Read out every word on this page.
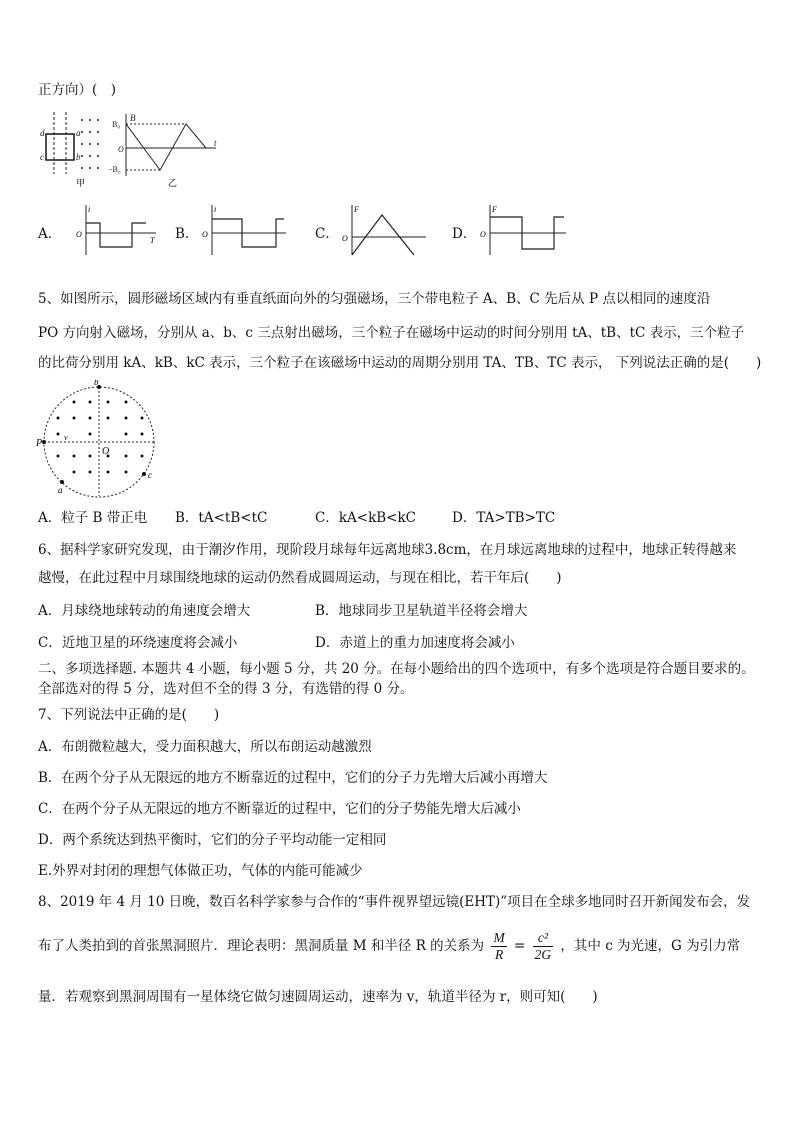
正方向）(　)
d
c
a
b
甲
B
B₀
O
−B₀
t
乙
A．
i
O
T B．
i
O	C．
F
O	D．
F
O
5、如图所示，圆形磁场区域内有垂直纸面向外的匀强磁场，三个带电粒子 A、B、C 先后从 P 点以相同的速度沿
PO 方向射入磁场，分别从 a、b、c 三点射出磁场，三个粒子在磁场中运动的时间分别用 tA、tB、tC 表示，三个粒子
的比荷分别用 kA、kB、kC 表示，三个粒子在该磁场中运动的周期分别用 TA、TB、TC 表示， 下列说法正确的是(　　)
P
b
a
c
O
v
A．粒子 B 带正电 B．tA<tB<tC	C．kA<kB<kC	D．TA>TB>TC
6、据科学家研究发现，由于潮汐作用，现阶段月球每年远离地球3.8cm，在月球远离地球的过程中，地球正转得越来
越慢，在此过程中月球围绕地球的运动仍然看成圆周运动，与现在相比，若干年后(　　)
A．月球绕地球转动的角速度会增大	B．地球同步卫星轨道半径将会增大
C．近地卫星的环绕速度将会减小	D．赤道上的重力加速度将会减小
二、多项选择题. 本题共 4 小题，每小题 5 分，共 20 分。在每小题给出的四个选项中，有多个选项是符合题目要求的。
全部选对的得 5 分，选对但不全的得 3 分，有选错的得 0 分。
7、下列说法中正确的是(　　)
A．布朗微粒越大，受力面积越大，所以布朗运动越激烈
B．在两个分子从无限远的地方不断靠近的过程中，它们的分子力先增大后减小再增大
C．在两个分子从无限远的地方不断靠近的过程中，它们的分子势能先增大后减小
D．两个系统达到热平衡时，它们的分子平均动能一定相同
E.外界对封闭的理想气体做正功，气体的内能可能减少
8、2019 年 4 月 10 日晚，数百名科学家参与合作的“事件视界望远镜(EHT)”项目在全球多地同时召开新闻发布会，发
布了人类拍到的首张黑洞照片．理论表明：黑洞质量 M 和半径 R 的关系为 $\frac{M}{R} = \frac{\text{c²}}{2G}$ ，其中 c 为光速，G 为引力常
量．若观察到黑洞周围有一星体绕它做匀速圆周运动，速率为 v，轨道半径为 r，则可知(　　)
